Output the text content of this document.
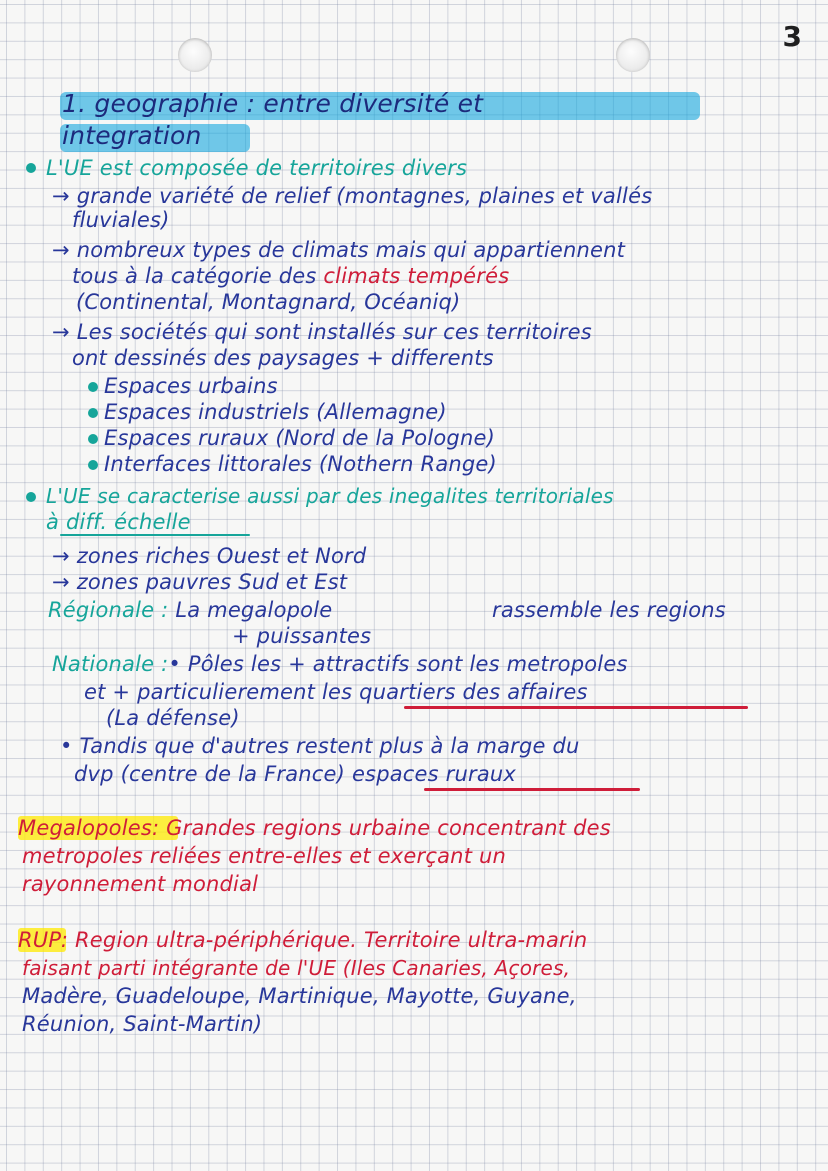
3
1. geographie : entre diversité et
integration
L'UE est composée de territoires divers
→ grande variété de relief (montagnes, plaines et vallés
fluviales)
→ nombreux types de climats mais qui appartiennent
tous à la catégorie des climats tempérés
(Continental, Montagnard, Océaniq)
→ Les sociétés qui sont installés sur ces territoires
ont dessinés des paysages + differents
Espaces urbains
Espaces industriels (Allemagne)
Espaces ruraux (Nord de la Pologne)
Interfaces littorales (Nothern Range)
L'UE se caracterise aussi par des inegalites territoriales
à diff. échelle
→ zones riches Ouest et Nord
→ zones pauvres Sud et Est
Régionale : La megalopole	rassemble les regions
+ puissantes
Nationale :• Pôles les + attractifs sont les metropoles
et + particulierement les quartiers des affaires
(La défense)
• Tandis que d'autres restent plus à la marge du
dvp (centre de la France) espaces ruraux
Megalopoles: Grandes regions urbaine concentrant des
metropoles reliées entre-elles et exerçant un
rayonnement mondial
RUP: Region ultra-périphérique. Territoire ultra-marin
faisant parti intégrante de l'UE (Iles Canaries, Açores,
Madère, Guadeloupe, Martinique, Mayotte, Guyane,
Réunion, Saint-Martin)
